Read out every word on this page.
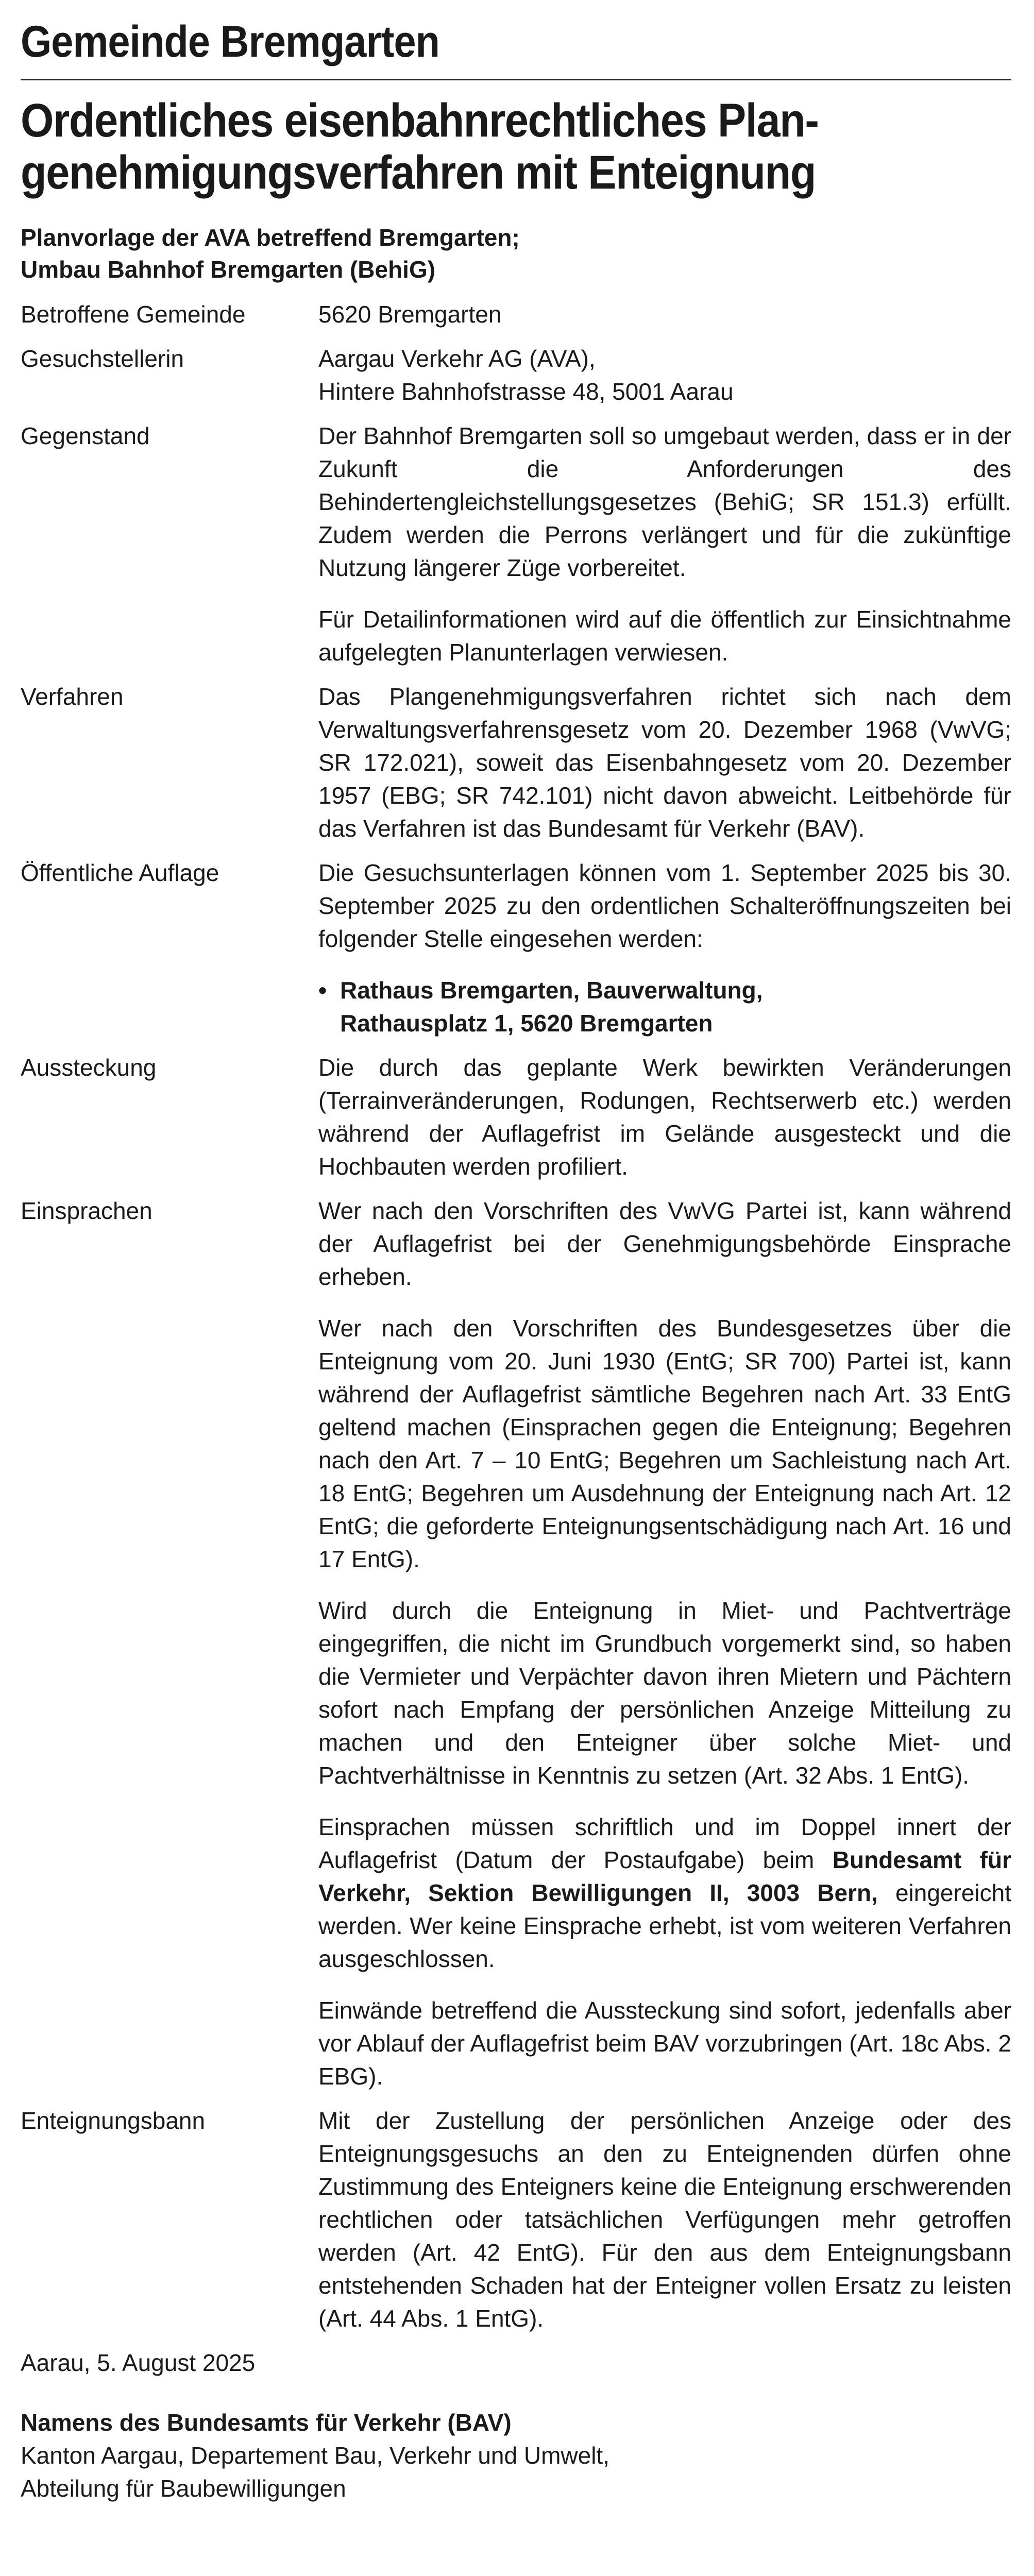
Gemeinde Bremgarten
Ordentliches eisenbahnrechtliches Plan-
genehmigungsverfahren mit Enteignung
Planvorlage der AVA betreffend Bremgarten;
Umbau Bahnhof Bremgarten (BehiG)
Betroffene Gemeinde	5620 Bremgarten
Gesuchstellerin	Aargau Verkehr AG (AVA),
Hintere Bahnhofstrasse 48, 5001 Aarau
Gegenstand	Der Bahnhof Bremgarten soll so umgebaut werden, dass er in der Zukunft die Anforderungen des Behindertengleichstellungsgesetzes (BehiG; SR 151.3) erfüllt. Zudem werden die Perrons verlängert und für die zukünftige Nutzung längerer Züge vorbereitet.

Für Detailinformationen wird auf die öffentlich zur Einsichtnahme aufgelegten Planunterlagen verwiesen.

Verfahren	Das Plangenehmigungsverfahren richtet sich nach dem Verwaltungsverfahrensgesetz vom 20. Dezember 1968 (VwVG; SR 172.021), soweit das Eisenbahngesetz vom 20. Dezember 1957 (EBG; SR 742.101) nicht davon abweicht. Leitbehörde für das Verfahren ist das Bundesamt für Verkehr (BAV).

Öffentliche Auflage	Die Gesuchsunterlagen können vom 1. September 2025 bis 30. September 2025 zu den ordentlichen Schalteröffnungszeiten bei folgender Stelle eingesehen werden:

• Rathaus Bremgarten, Bauverwaltung,
Rathausplatz 1, 5620 Bremgarten
Aussteckung	Die durch das geplante Werk bewirkten Veränderungen (Terrainveränderungen, Rodungen, Rechtserwerb etc.) werden während der Auflagefrist im Gelände ausgesteckt und die Hochbauten werden profiliert.

Einsprachen	Wer nach den Vorschriften des VwVG Partei ist, kann während der Auflagefrist bei der Genehmigungsbehörde Einsprache erheben.

Wer nach den Vorschriften des Bundesgesetzes über die Enteignung vom 20. Juni 1930 (EntG; SR 700) Partei ist, kann während der Auflagefrist sämtliche Begehren nach Art. 33 EntG geltend machen (Einsprachen gegen die Enteignung; Begehren nach den Art. 7 – 10 EntG; Begehren um Sachleistung nach Art. 18 EntG; Begehren um Ausdehnung der Enteignung nach Art. 12 EntG; die geforderte Enteignungsentschädigung nach Art. 16 und 17 EntG).

Wird durch die Enteignung in Miet- und Pachtverträge eingegriffen, die nicht im Grundbuch vorgemerkt sind, so haben die Vermieter und Verpächter davon ihren Mietern und Pächtern sofort nach Empfang der persönlichen Anzeige Mitteilung zu machen und den Enteigner über solche Miet- und Pachtverhältnisse in Kenntnis zu setzen (Art. 32 Abs. 1 EntG).

Einsprachen müssen schriftlich und im Doppel innert der Auflagefrist (Datum der Postaufgabe) beim Bundesamt für Verkehr, Sektion Bewilligungen II, 3003 Bern, eingereicht werden. Wer keine Einsprache erhebt, ist vom weiteren Verfahren ausgeschlossen.

Einwände betreffend die Aussteckung sind sofort, jedenfalls aber vor Ablauf der Auflagefrist beim BAV vorzubringen (Art. 18c Abs. 2 EBG).

Enteignungsbann	Mit der Zustellung der persönlichen Anzeige oder des Enteignungsgesuchs an den zu Enteignenden dürfen ohne Zustimmung des Enteigners keine die Enteignung erschwerenden rechtlichen oder tatsächlichen Verfügungen mehr getroffen werden (Art. 42 EntG). Für den aus dem Enteignungsbann entstehenden Schaden hat der Enteigner vollen Ersatz zu leisten (Art. 44 Abs. 1 EntG).

Aarau, 5. August 2025
Namens des Bundesamts für Verkehr (BAV)
Kanton Aargau, Departement Bau, Verkehr und Umwelt,
Abteilung für Baubewilligungen
